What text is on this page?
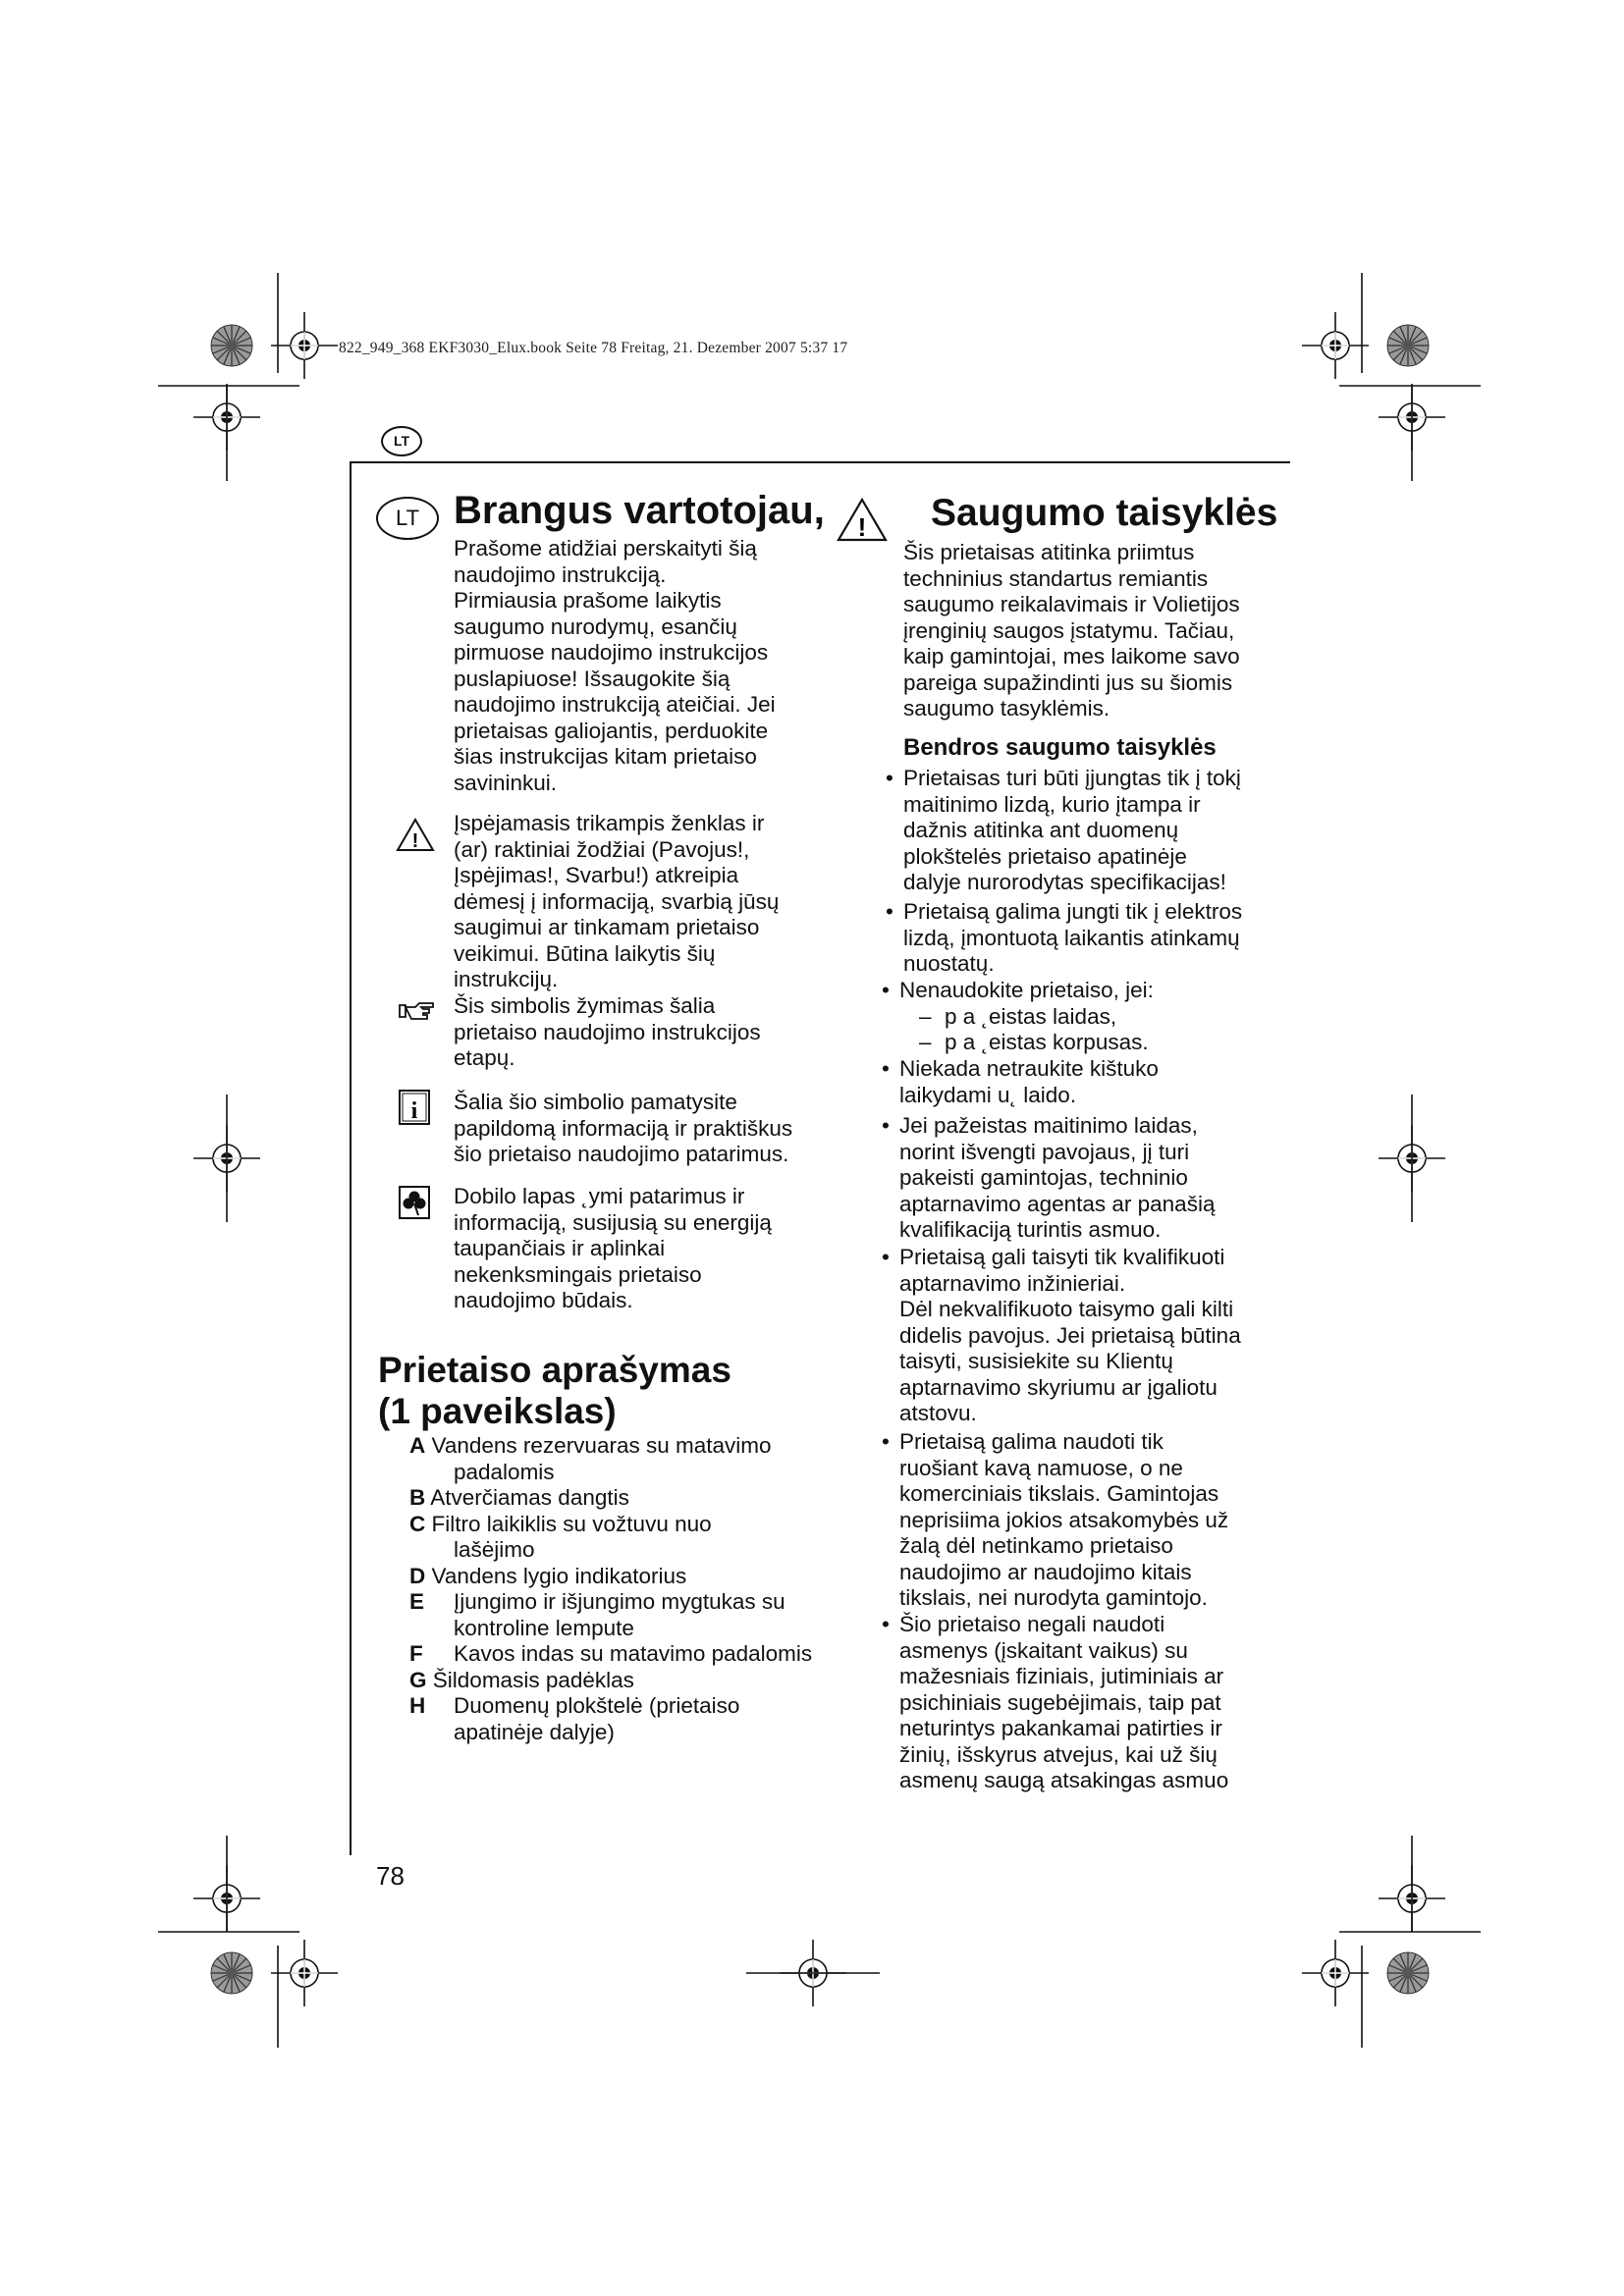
822_949_368 EKF3030_Elux.book Seite 78 Freitag, 21. Dezember 2007 5:37 17
LT
LT Brangus vartotojau,
Prašome atidžiai perskaityti šią
naudojimo instrukciją.
Pirmiausia prašome laikytis
saugumo nurodymų, esančių
pirmuose naudojimo instrukcijos
puslapiuose! Išsaugokite šią
naudojimo instrukciją ateičiai. Jei
prietaisas galiojantis, perduokite
šias instrukcijas kitam prietaiso
savininkui.
!
Įspėjamasis trikampis ženklas ir
(ar) raktiniai žodžiai (Pavojus!,
Įspėjimas!, Svarbu!) atkreipia
dėmesį į informaciją, svarbią jūsų
saugimui ar tinkamam prietaiso
veikimui. Būtina laikytis šių
instrukcijų.
Šis simbolis žymimas šalia
prietaiso naudojimo instrukcijos
etapų.
i Šalia šio simbolio pamatysite
papildomą informaciją ir praktiškus
šio prietaiso naudojimo patarimus.
Dobilo lapas ˛ymi patarimus ir
informaciją, susijusią su energiją
taupančiais ir aplinkai
nekenksmingais prietaiso
naudojimo būdais.
Prietaiso aprašymas
(1 paveikslas)
A Vandens rezervuaras su matavimo
padalomis
B Atverčiamas dangtis
C Filtro laikiklis su vožtuvu nuo
lašėjimo
D Vandens lygio indikatorius
E Įjungimo ir išjungimo mygtukas su
kontroline lempute
F Kavos indas su matavimo padalomis
G Šildomasis padėklas
H Duomenų plokštelė (prietaiso
apatinėje dalyje)
! Saugumo taisyklės
Šis prietaisas atitinka priimtus
techninius standartus remiantis
saugumo reikalavimais ir Volietijos
įrenginių saugos įstatymu. Tačiau,
kaip gamintojai, mes laikome savo
pareiga supažindinti jus su šiomis
saugumo tasyklėmis.
Bendros saugumo taisyklės
• Prietaisas turi būti įjungtas tik į tokį
maitinimo lizdą, kurio įtampa ir
dažnis atitinka ant duomenų
plokštelės prietaiso apatinėje
dalyje nurorodytas specifikacijas!
• Prietaisą galima jungti tik į elektros
lizdą, įmontuotą laikantis atinkamų
nuostatų.
• Nenaudokite prietaiso, jei:
– p a ˛eistas laidas,
– p a ˛eistas korpusas.
• Niekada netraukite kištuko
laikydami u˛ laido.
• Jei pažeistas maitinimo laidas,
norint išvengti pavojaus, jį turi
pakeisti gamintojas, techninio
aptarnavimo agentas ar panašią
kvalifikaciją turintis asmuo.
• Prietaisą gali taisyti tik kvalifikuoti
aptarnavimo inžinieriai.
Dėl nekvalifikuoto taisymo gali kilti
didelis pavojus. Jei prietaisą būtina
taisyti, susisiekite su Klientų
aptarnavimo skyriumu ar įgaliotu
atstovu.
• Prietaisą galima naudoti tik
ruošiant kavą namuose, o ne
komerciniais tikslais. Gamintojas
neprisiima jokios atsakomybės už
žalą dėl netinkamo prietaiso
naudojimo ar naudojimo kitais
tikslais, nei nurodyta gamintojo.
• Šio prietaiso negali naudoti
asmenys (įskaitant vaikus) su
mažesniais fiziniais, jutiminiais ar
psichiniais sugebėjimais, taip pat
neturintys pakankamai patirties ir
žinių, išskyrus atvejus, kai už šių
asmenų saugą atsakingas asmuo
78
